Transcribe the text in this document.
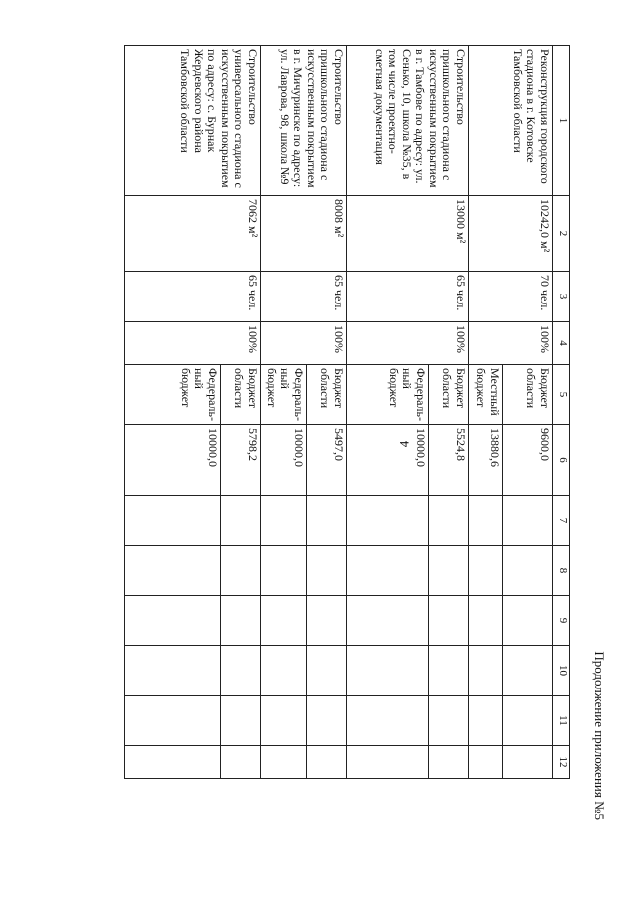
4
Продолжение приложения №5
1	2	3	4	5	6	7	8	9	10	11	12
Реконструкция городского стадиона в г. Котовске Тамбовской области	10242,0 м²	70 чел.	100%	Бюджет области	9600,0						
				Местный бюджет	13880,6						
Строительство пришкольного стадиона с искусственным покрытием в г. Тамбове по адресу: ул. Сенько, 10, школа №35, в том числе проектно-сметная документация	13000 м²	65 чел.	100%	Бюджет области	5524,8						
				Федераль-ный бюджет	10000,0						
Строительство пришкольного стадиона с искусственным покрытием в г. Мичуринске по адресу: ул. Лаврова, 98, школа №9	8008 м²	65 чел.	100%	Бюджет области	5497,0						
				Федераль-ный бюджет	10000,0						
Строительство универсального стадиона с искусственным покрытием по адресу: с. Бурнак Жердевского района Тамбовской области	7062 м²	65 чел.	100%	Бюджет области	5798,2						
				Федераль-ный бюджет	10000,0						
